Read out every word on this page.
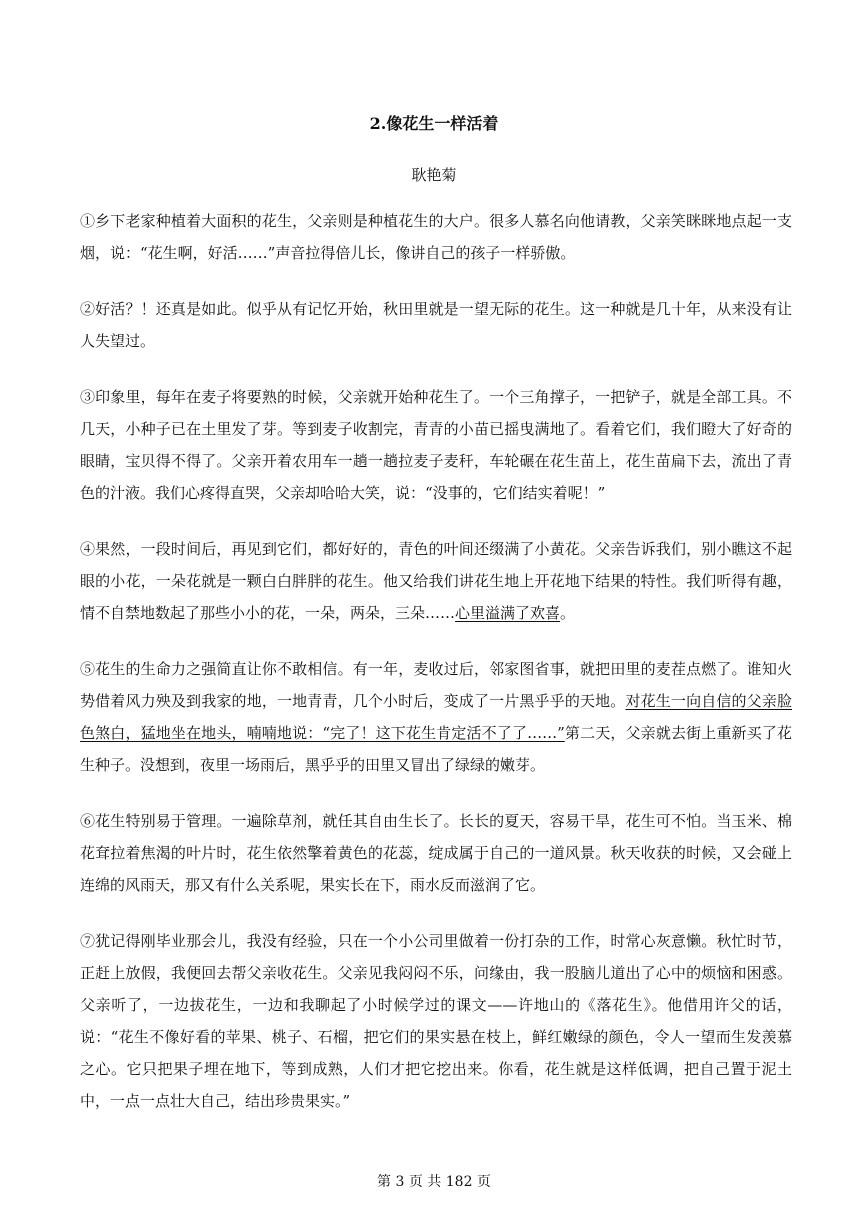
2.像花生一样活着
耿艳菊

①乡下老家种植着大面积的花生，父亲则是种植花生的大户。很多人慕名向他请教，父亲笑眯眯地点起一支烟，说：“花生啊，好活……”声音拉得倍儿长，像讲自己的孩子一样骄傲。

②好活？！还真是如此。似乎从有记忆开始，秋田里就是一望无际的花生。这一种就是几十年，从来没有让人失望过。

③印象里，每年在麦子将要熟的时候，父亲就开始种花生了。一个三角撑子，一把铲子，就是全部工具。不几天，小种子已在土里发了芽。等到麦子收割完，青青的小苗已摇曳满地了。看着它们，我们瞪大了好奇的眼睛，宝贝得不得了。父亲开着农用车一趟一趟拉麦子麦秆，车轮碾在花生苗上，花生苗扁下去，流出了青色的汁液。我们心疼得直哭，父亲却哈哈大笑，说：“没事的，它们结实着呢！”

④果然，一段时间后，再见到它们，都好好的，青色的叶间还缀满了小黄花。父亲告诉我们，别小瞧这不起眼的小花，一朵花就是一颗白白胖胖的花生。他又给我们讲花生地上开花地下结果的特性。我们听得有趣，情不自禁地数起了那些小小的花，一朵，两朵，三朵……心里溢满了欢喜。

⑤花生的生命力之强简直让你不敢相信。有一年，麦收过后，邻家图省事，就把田里的麦茬点燃了。谁知火势借着风力殃及到我家的地，一地青青，几个小时后，变成了一片黑乎乎的天地。对花生一向自信的父亲脸色煞白，猛地坐在地头，喃喃地说：“完了！这下花生肯定活不了了……”第二天，父亲就去街上重新买了花生种子。没想到，夜里一场雨后，黑乎乎的田里又冒出了绿绿的嫩芽。

⑥花生特别易于管理。一遍除草剂，就任其自由生长了。长长的夏天，容易干旱，花生可不怕。当玉米、棉花耷拉着焦渴的叶片时，花生依然擎着黄色的花蕊，绽成属于自己的一道风景。秋天收获的时候，又会碰上连绵的风雨天，那又有什么关系呢，果实长在下，雨水反而滋润了它。

⑦犹记得刚毕业那会儿，我没有经验，只在一个小公司里做着一份打杂的工作，时常心灰意懒。秋忙时节，正赶上放假，我便回去帮父亲收花生。父亲见我闷闷不乐，问缘由，我一股脑儿道出了心中的烦恼和困惑。父亲听了，一边拔花生，一边和我聊起了小时候学过的课文——许地山的《落花生》。他借用许父的话，说：“花生不像好看的苹果、桃子、石榴，把它们的果实悬在枝上，鲜红嫩绿的颜色，令人一望而生发羡慕之心。它只把果子埋在地下，等到成熟，人们才把它挖出来。你看，花生就是这样低调，把自己置于泥土中，一点一点壮大自己，结出珍贵果实。”

第 3 页 共 182 页
